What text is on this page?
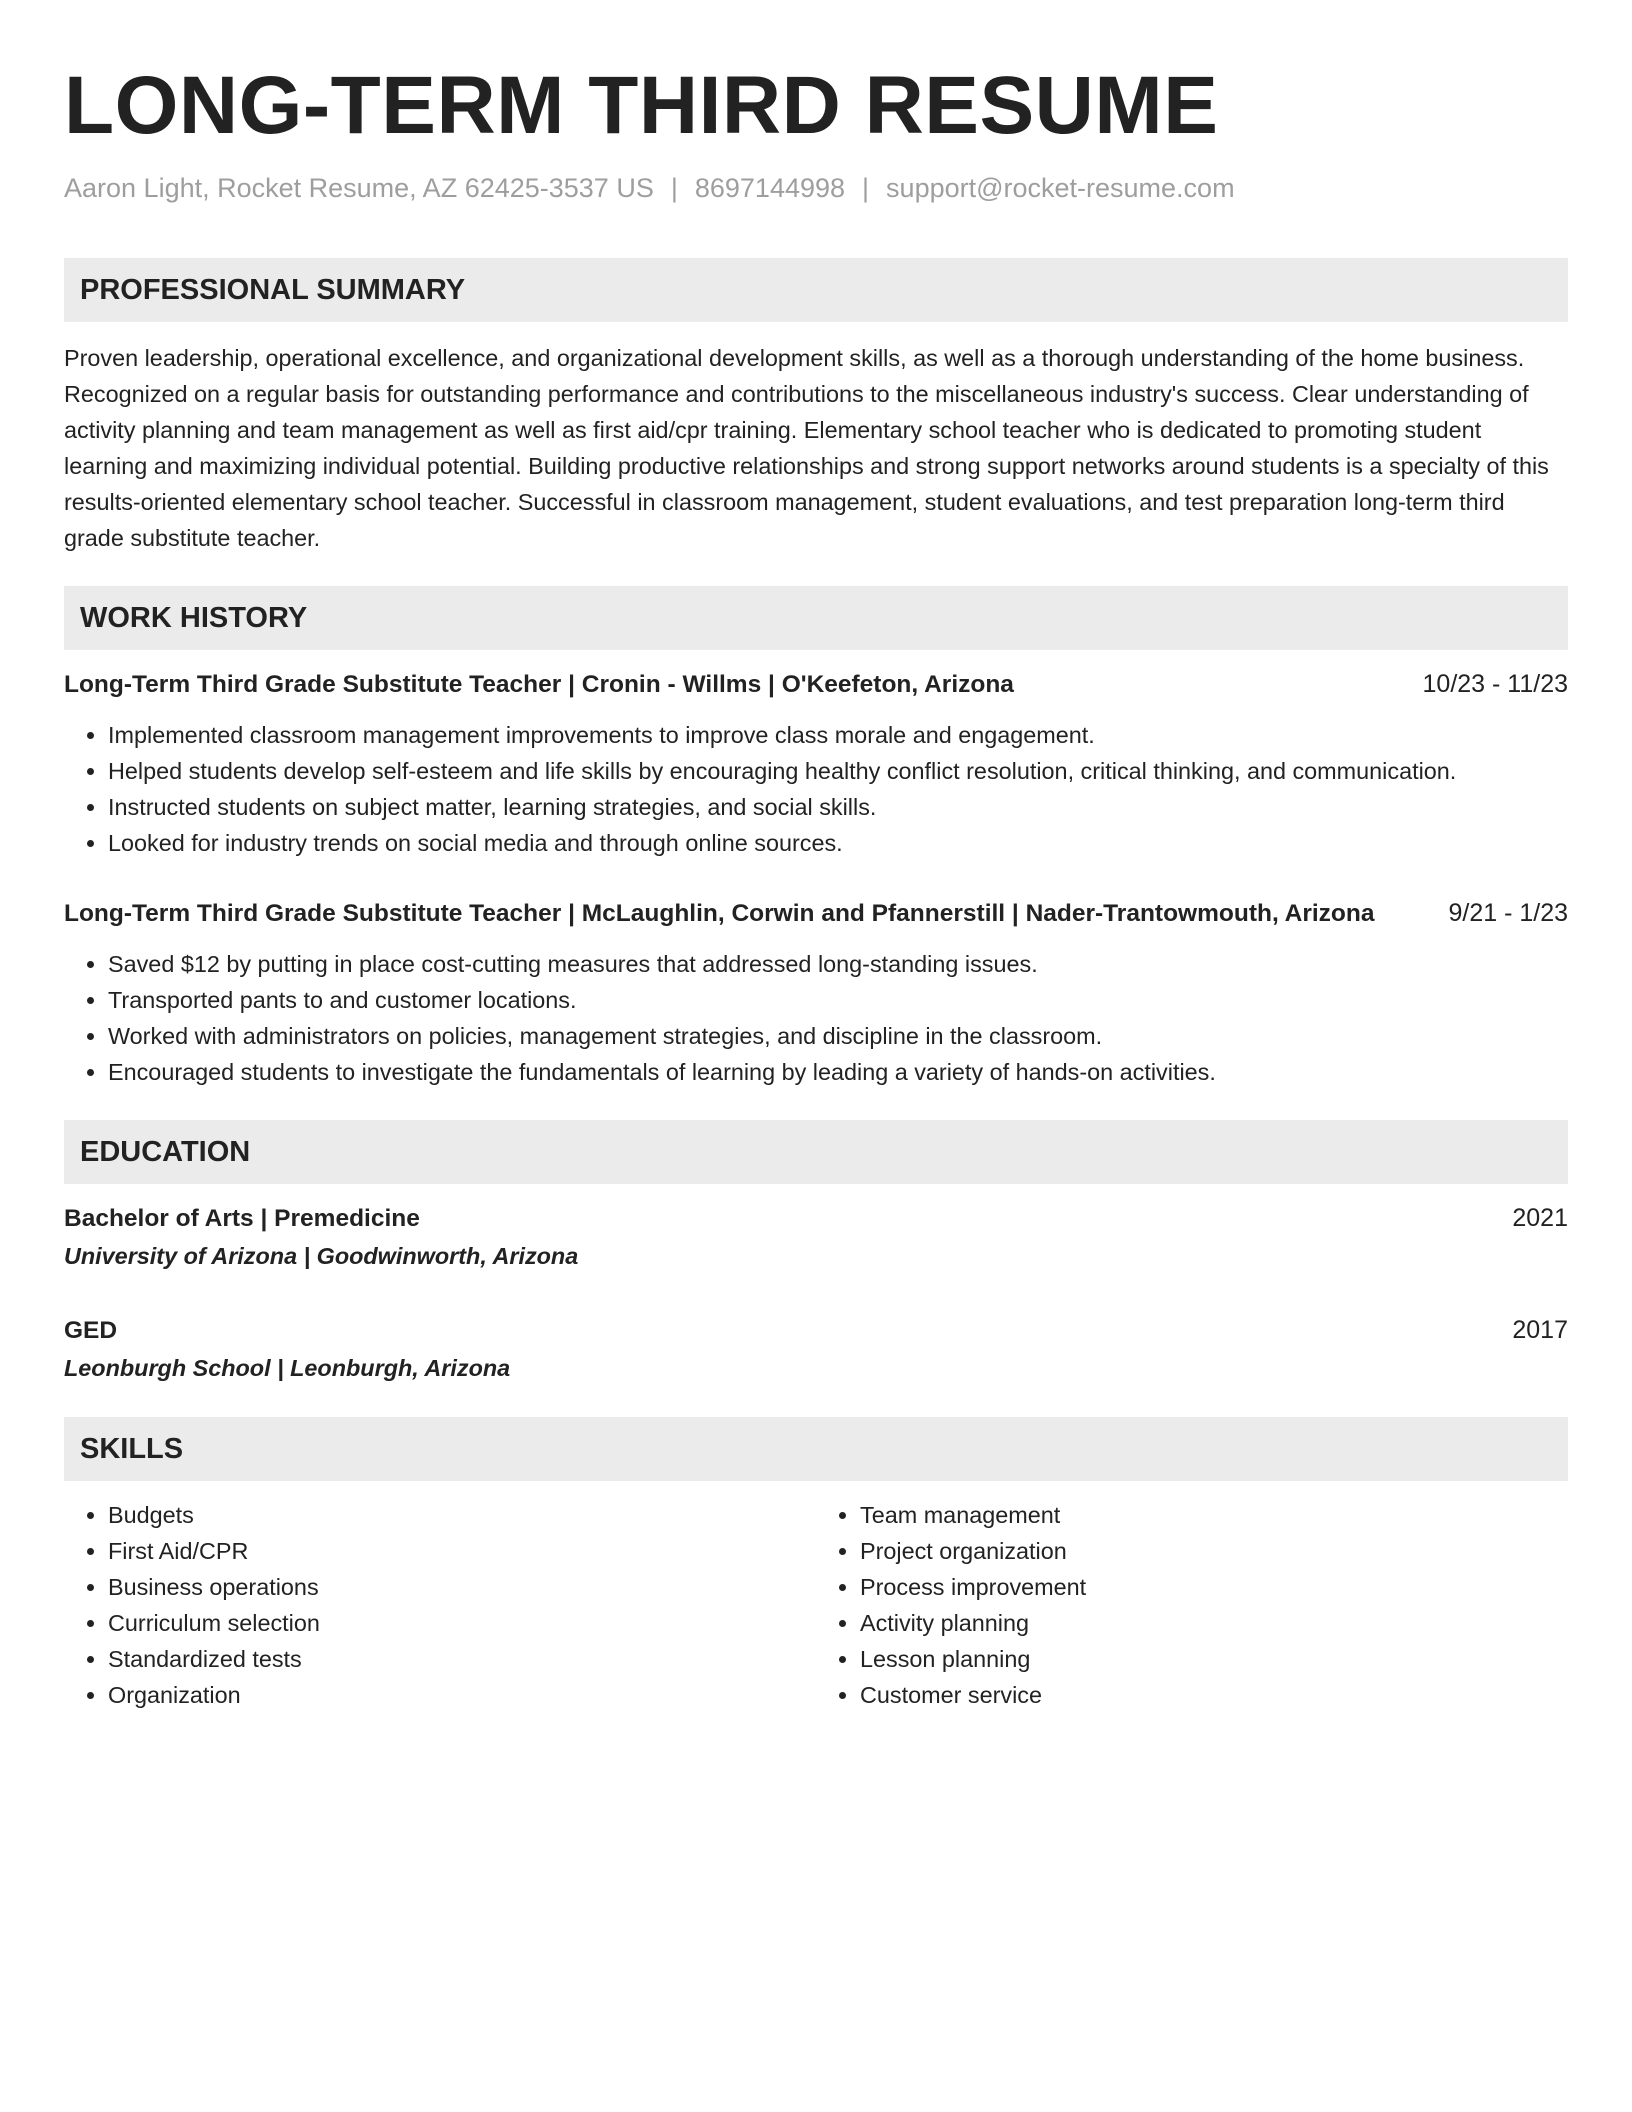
LONG-TERM THIRD RESUME
Aaron Light, Rocket Resume, AZ 62425-3537 US | 8697144998 | support@rocket-resume.com
PROFESSIONAL SUMMARY

Proven leadership, operational excellence, and organizational development skills, as well as a thorough understanding of the home business. Recognized on a regular basis for outstanding performance and contributions to the miscellaneous industry's success. Clear understanding of activity planning and team management as well as first aid/cpr training. Elementary school teacher who is dedicated to promoting student learning and maximizing individual potential. Building productive relationships and strong support networks around students is a specialty of this results-oriented elementary school teacher. Successful in classroom management, student evaluations, and test preparation long-term third grade substitute teacher.

WORK HISTORY
Long-Term Third Grade Substitute Teacher | Cronin - Willms | O'Keefeton, Arizona	10/23 - 11/23
• Implemented classroom management improvements to improve class morale and engagement.
• Helped students develop self-esteem and life skills by encouraging healthy conflict resolution, critical thinking, and communication.
• Instructed students on subject matter, learning strategies, and social skills.
• Looked for industry trends on social media and through online sources.
Long-Term Third Grade Substitute Teacher | McLaughlin, Corwin and Pfannerstill | Nader-Trantowmouth, Arizona	9/21 - 1/23
• Saved $12 by putting in place cost-cutting measures that addressed long-standing issues.
• Transported pants to and customer locations.
• Worked with administrators on policies, management strategies, and discipline in the classroom.
• Encouraged students to investigate the fundamentals of learning by leading a variety of hands-on activities.
EDUCATION
Bachelor of Arts | Premedicine	2021
University of Arizona | Goodwinworth, Arizona
GED	2017
Leonburgh School | Leonburgh, Arizona
SKILLS
• Budgets
• First Aid/CPR
• Business operations
• Curriculum selection
• Standardized tests
• Organization
• Team management
• Project organization
• Process improvement
• Activity planning
• Lesson planning
• Customer service
